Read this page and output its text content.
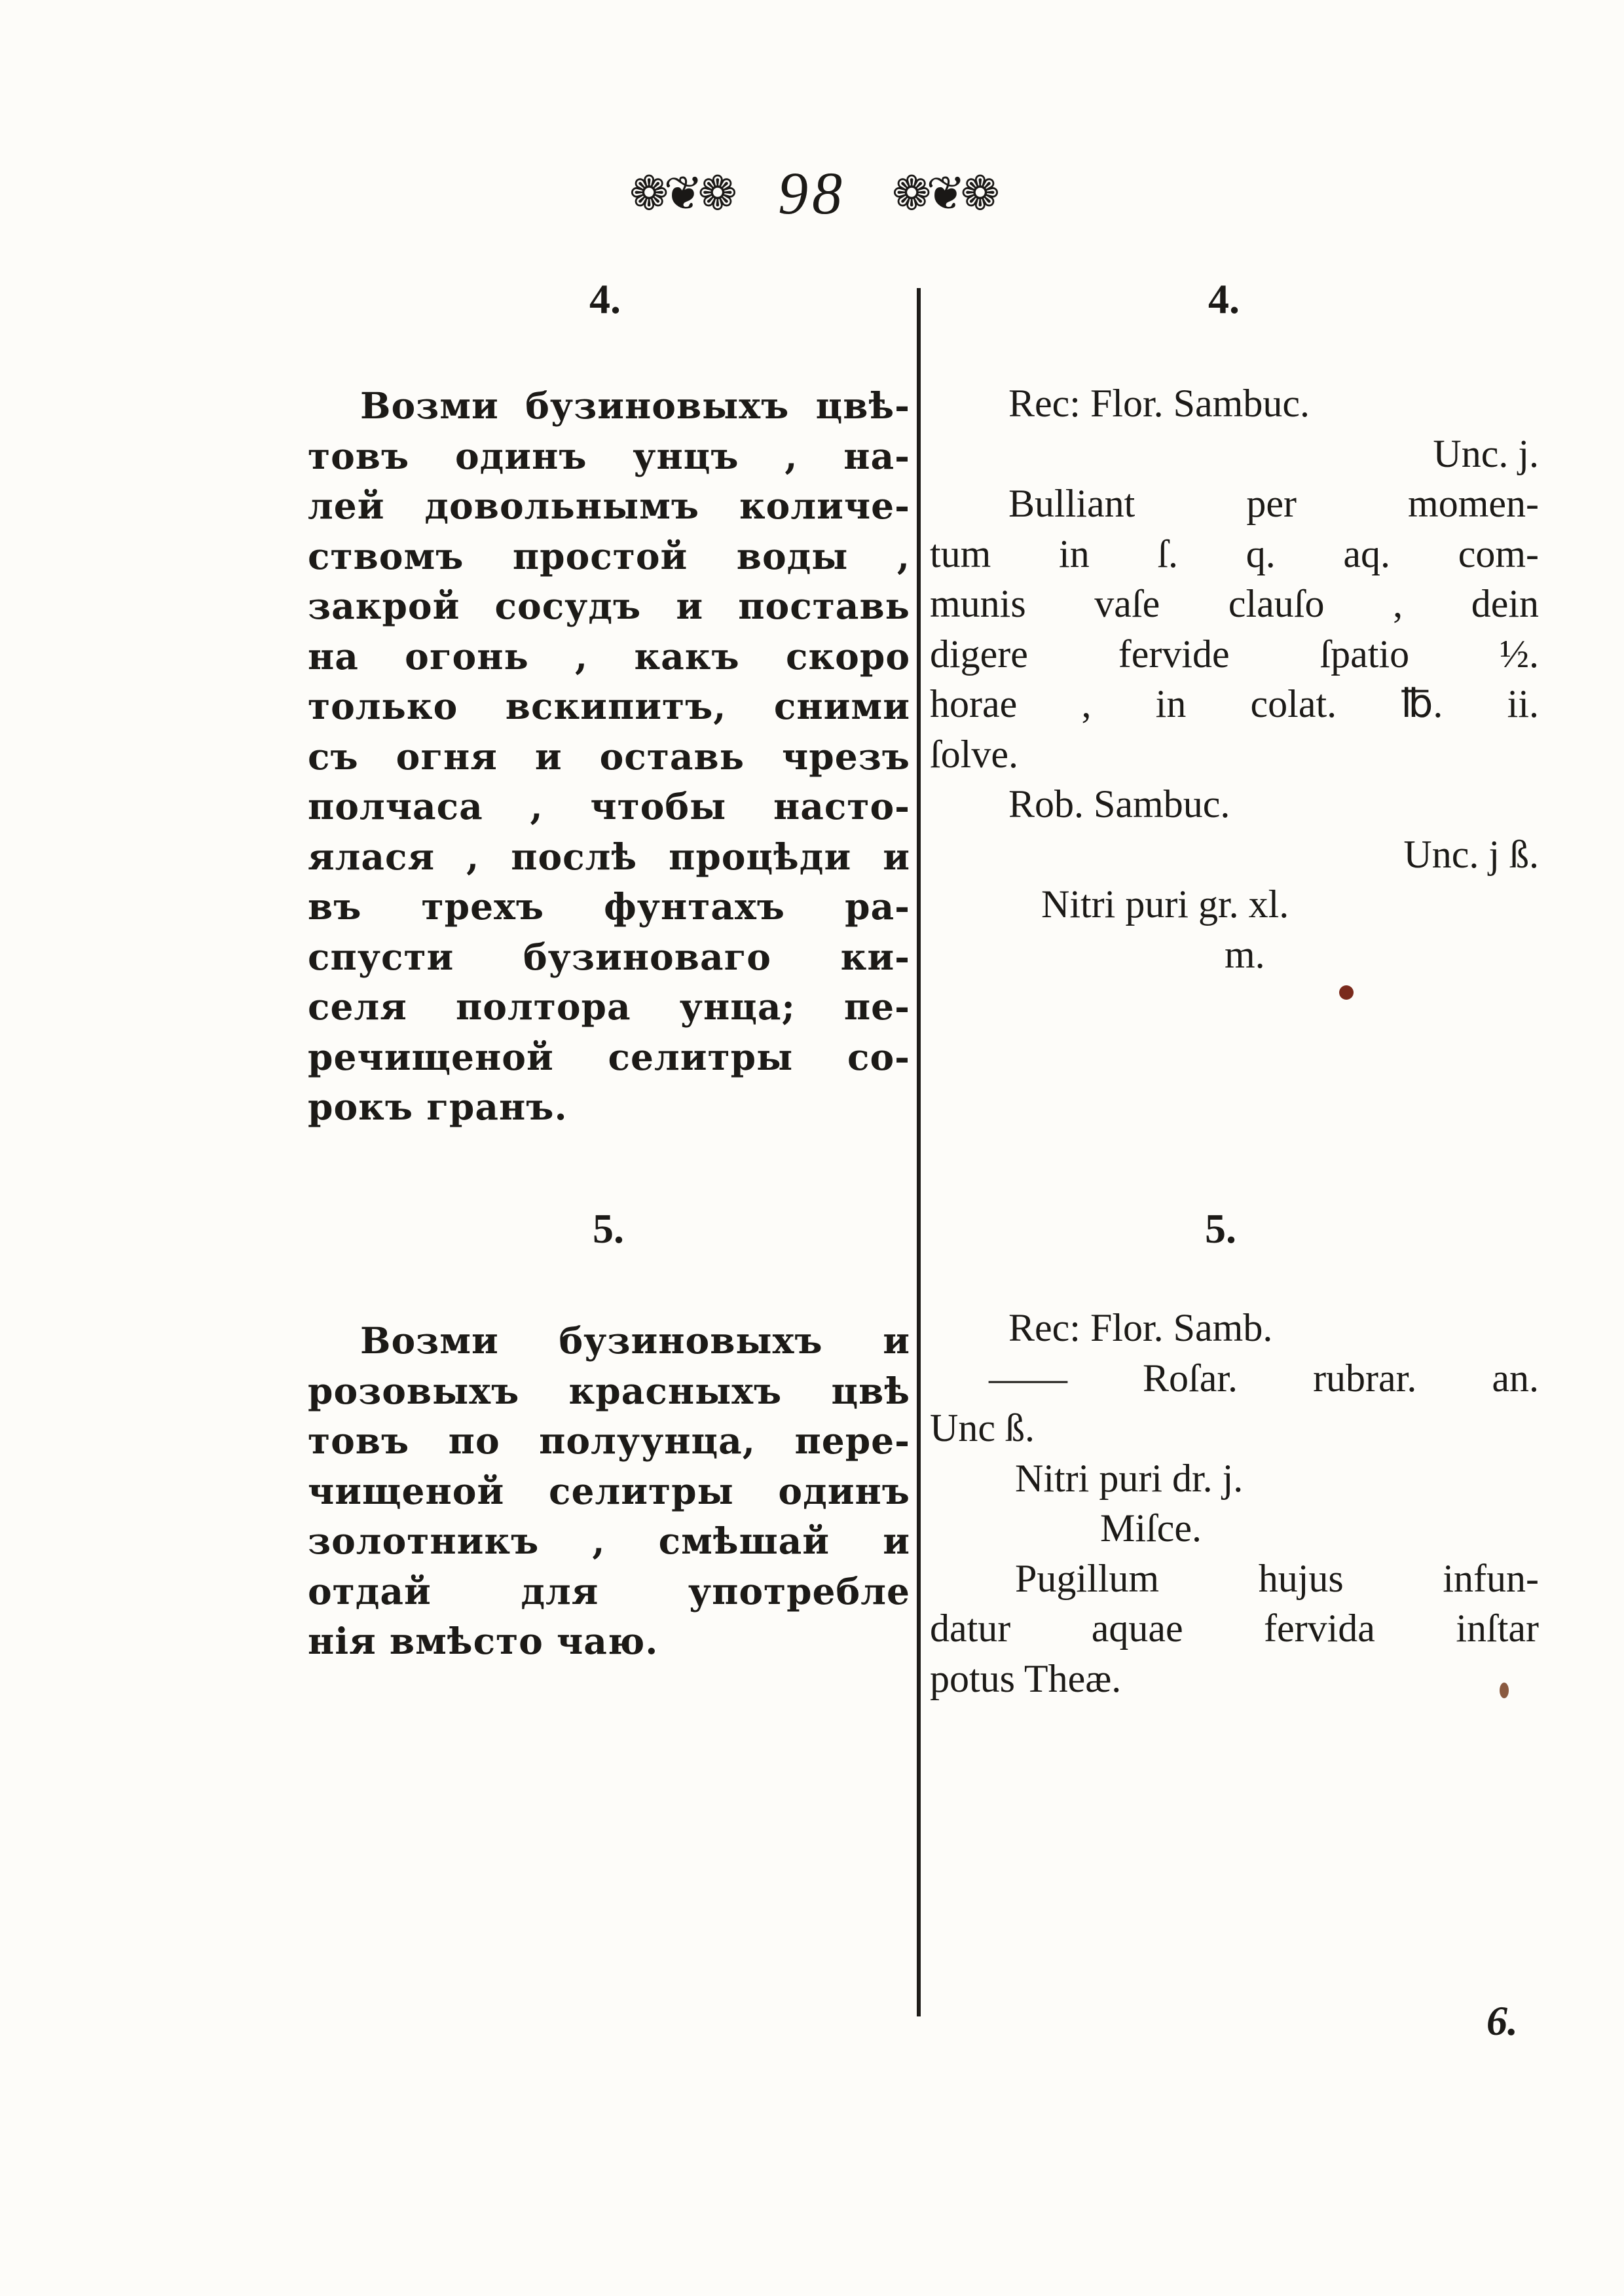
❁❦❁ 98 ❁❦❁
4.

Возми бузиновыхъ цвѣ-

товъ одинъ унцъ , на-

лей довольнымъ количе-

ствомъ простой воды ,

закрой сосудъ и поставь

на огонь , какъ скоро

только вскипитъ, сними

съ огня и оставь чрезъ

полчаса , чтобы насто-

ялася , послѣ процѣди и

въ трехъ фунтахъ ра-

спусти бузиноваго ки-

селя полтора унца; пе-

речищеной селитры со-

рокъ гранъ.

5.

Возми бузиновыхъ и

розовыхъ красныхъ цвѣ

товъ по полуунца, пере-

чищеной селитры одинъ

золотникъ , смѣшай и

отдай для употребле

нія вмѣсто чаю.

4.

Rec: Flor. Sambuc.

Unc. j.

Bulliant per momen-

tum in ſ. q. aq. com-

munis vaſe clauſo , dein

digere fervide ſpatio ½.

horae , in colat. ℔. ii.

ſolve.

Rob. Sambuc.

Unc. j ß.

Nitri puri gr. xl.

m.

5.

Rec: Flor. Samb.

—— Roſar. rubrar. an.

Unc ß.

Nitri puri dr. j.

Miſce.

Pugillum hujus infun-

datur aquae fervida inſtar

potus Theæ.

6.
